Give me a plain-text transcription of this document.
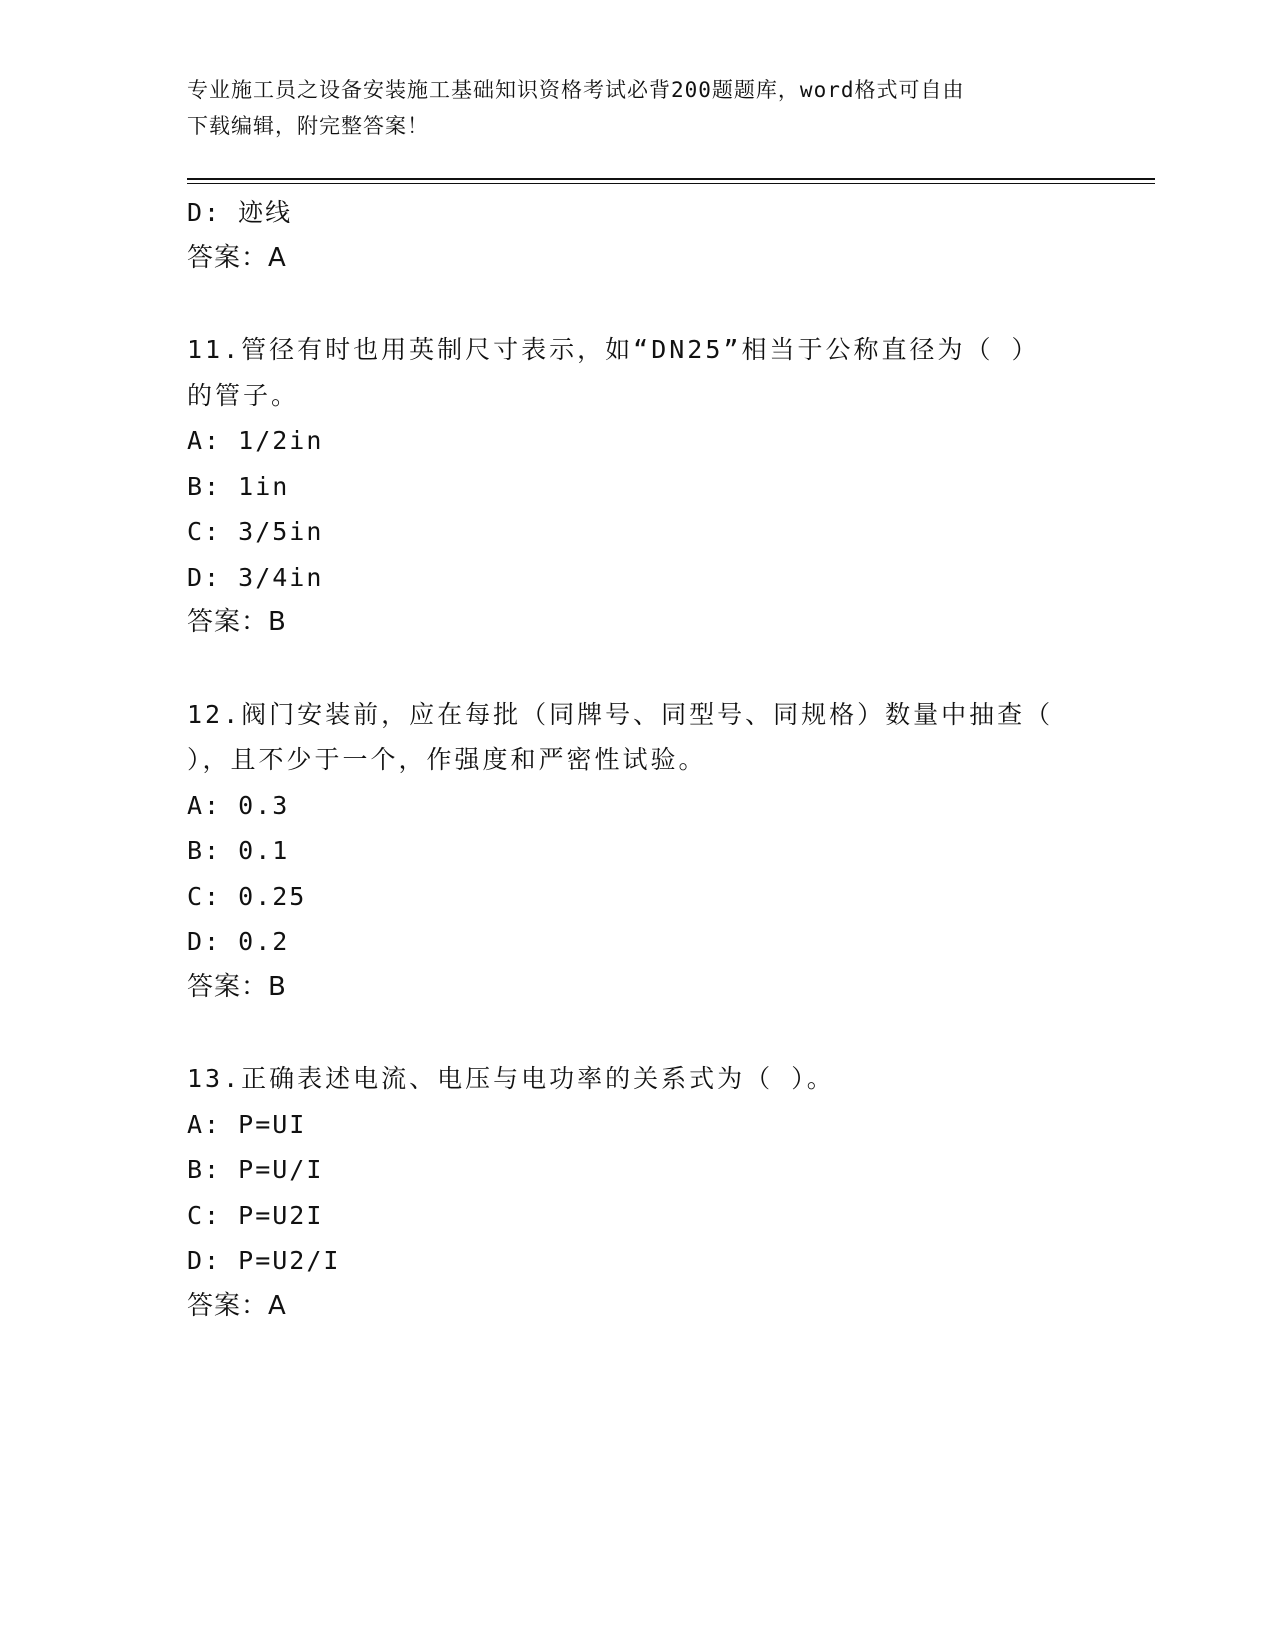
专业施工员之设备安装施工基础知识资格考试必背200题题库，word格式可自由
下载编辑，附完整答案！
D: 迹线
答案：A
11.管径有时也用英制尺寸表示，如“DN25”相当于公称直径为（ ）
的管子。
A: 1/2in
B: 1in
C: 3/5in
D: 3/4in
答案：B
12.阀门安装前，应在每批（同牌号、同型号、同规格）数量中抽查（
），且不少于一个，作强度和严密性试验。
A: 0.3
B: 0.1
C: 0.25
D: 0.2
答案：B
13.正确表述电流、电压与电功率的关系式为（ ）。
A: P=UI
B: P=U/I
C: P=U2I
D: P=U2/I
答案：A
